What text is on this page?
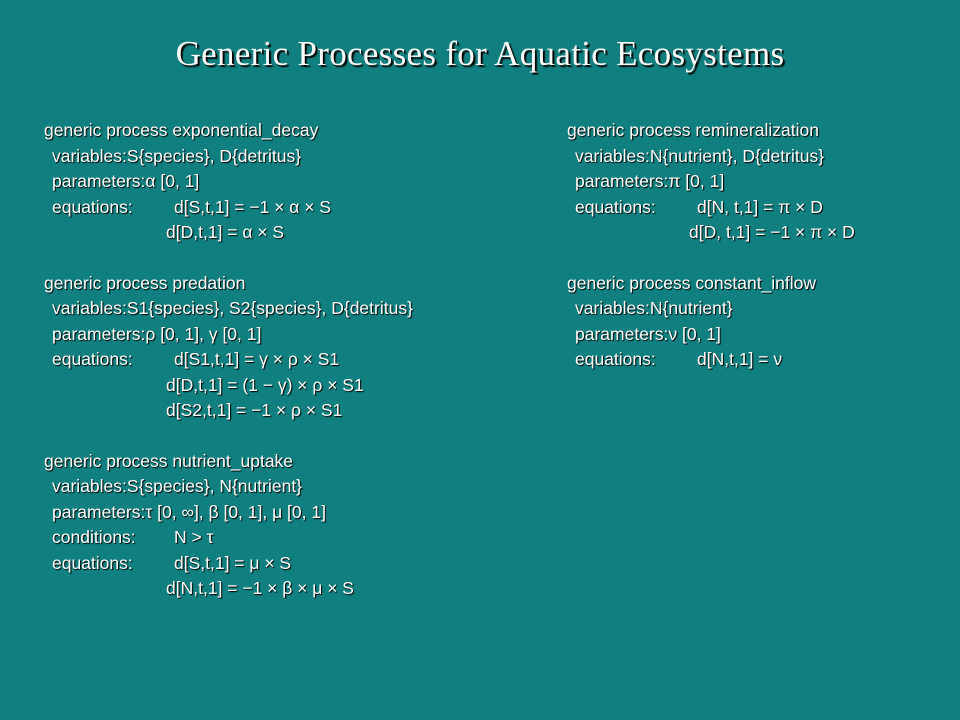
Generic Processes for Aquatic Ecosystems
generic process exponential_decay
variables:S{species}, D{detritus}
parameters:α [0, 1]
equations: d[S,t,1] = −1 × α × S
d[D,t,1] = α × S
generic process predation
variables:S1{species}, S2{species}, D{detritus}
parameters:ρ [0, 1], γ [0, 1]
equations: d[S1,t,1] = γ × ρ × S1
d[D,t,1] = (1 − γ) × ρ × S1
d[S2,t,1] = −1 × ρ × S1
generic process nutrient_uptake
variables:S{species}, N{nutrient}
parameters:τ [0, ∞], β [0, 1], μ [0, 1]
conditions: N > τ
equations: d[S,t,1] = μ × S
d[N,t,1] = −1 × β × μ × S
generic process remineralization
variables:N{nutrient}, D{detritus}
parameters:π [0, 1]
equations: d[N, t,1] = π × D
d[D, t,1] = −1 × π × D
generic process constant_inflow
variables:N{nutrient}
parameters:ν [0, 1]
equations: d[N,t,1] = ν
